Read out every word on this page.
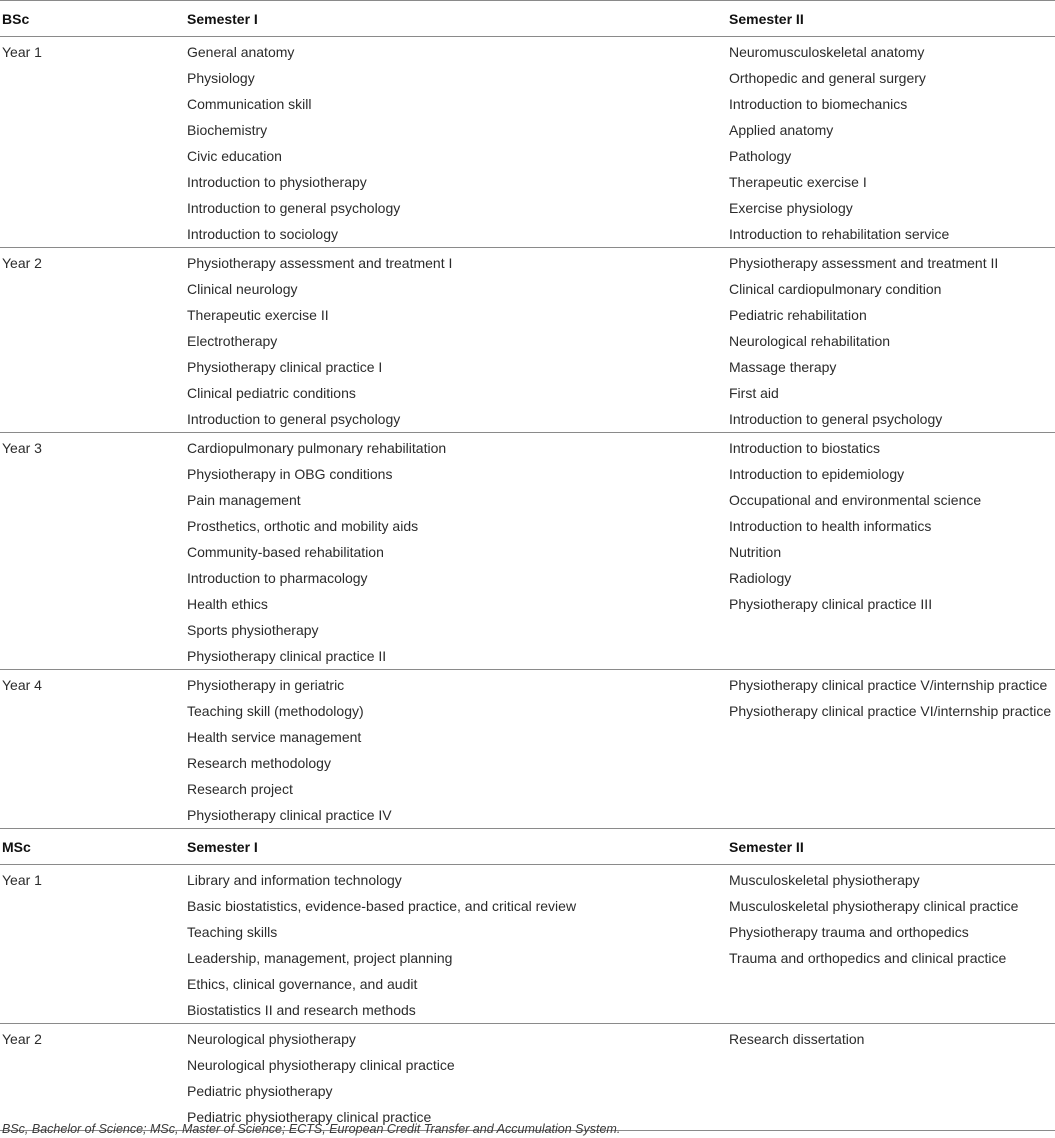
BSc	Semester I	Semester II
Year 1	General anatomy	Neuromusculoskeletal anatomy
	Physiology	Orthopedic and general surgery
	Communication skill	Introduction to biomechanics
	Biochemistry	Applied anatomy
	Civic education	Pathology
	Introduction to physiotherapy	Therapeutic exercise I
	Introduction to general psychology	Exercise physiology
	Introduction to sociology	Introduction to rehabilitation service
Year 2	Physiotherapy assessment and treatment I	Physiotherapy assessment and treatment II
	Clinical neurology	Clinical cardiopulmonary condition
	Therapeutic exercise II	Pediatric rehabilitation
	Electrotherapy	Neurological rehabilitation
	Physiotherapy clinical practice I	Massage therapy
	Clinical pediatric conditions	First aid
	Introduction to general psychology	Introduction to general psychology
Year 3	Cardiopulmonary pulmonary rehabilitation	Introduction to biostatics
	Physiotherapy in OBG conditions	Introduction to epidemiology
	Pain management	Occupational and environmental science
	Prosthetics, orthotic and mobility aids	Introduction to health informatics
	Community-based rehabilitation	Nutrition
	Introduction to pharmacology	Radiology
	Health ethics	Physiotherapy clinical practice III
	Sports physiotherapy	
	Physiotherapy clinical practice II	
Year 4	Physiotherapy in geriatric	Physiotherapy clinical practice V/internship practice
	Teaching skill (methodology)	Physiotherapy clinical practice VI/internship practice
	Health service management	
	Research methodology	
	Research project	
	Physiotherapy clinical practice IV	
MSc	Semester I	Semester II
Year 1	Library and information technology	Musculoskeletal physiotherapy
	Basic biostatistics, evidence-based practice, and critical review	Musculoskeletal physiotherapy clinical practice
	Teaching skills	Physiotherapy trauma and orthopedics
	Leadership, management, project planning	Trauma and orthopedics and clinical practice
	Ethics, clinical governance, and audit	
	Biostatistics II and research methods	
Year 2	Neurological physiotherapy	Research dissertation
	Neurological physiotherapy clinical practice	
	Pediatric physiotherapy	
	Pediatric physiotherapy clinical practice	
BSc, Bachelor of Science; MSc, Master of Science; ECTS, European Credit Transfer and Accumulation System.
